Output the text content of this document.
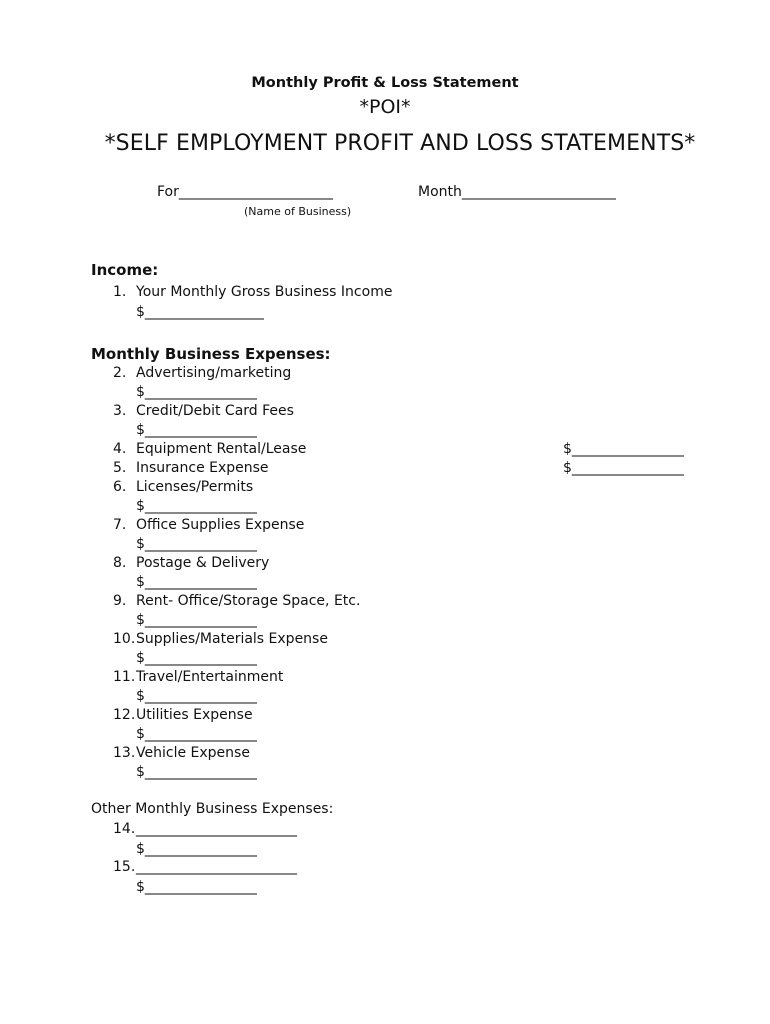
Monthly Profit & Loss Statement
*POI*
*SELF EMPLOYMENT PROFIT AND LOSS STATEMENTS*
For______________________
(Name of Business)
Month______________________
Income:
1. Your Monthly Gross Business Income
$_________________
Monthly Business Expenses:
2. Advertising/marketing
$________________
3. Credit/Debit Card Fees
$________________
4. Equipment Rental/Lease	$________________
5. Insurance Expense	$________________
6. Licenses/Permits
$________________
7. Office Supplies Expense
$________________
8. Postage & Delivery
$________________
9. Rent- Office/Storage Space, Etc.
$________________
10. Supplies/Materials Expense
$________________
11. Travel/Entertainment
$________________
12. Utilities Expense
$________________
13. Vehicle Expense
$________________
Other Monthly Business Expenses:
14. _______________________
$________________
15. _______________________
$________________
